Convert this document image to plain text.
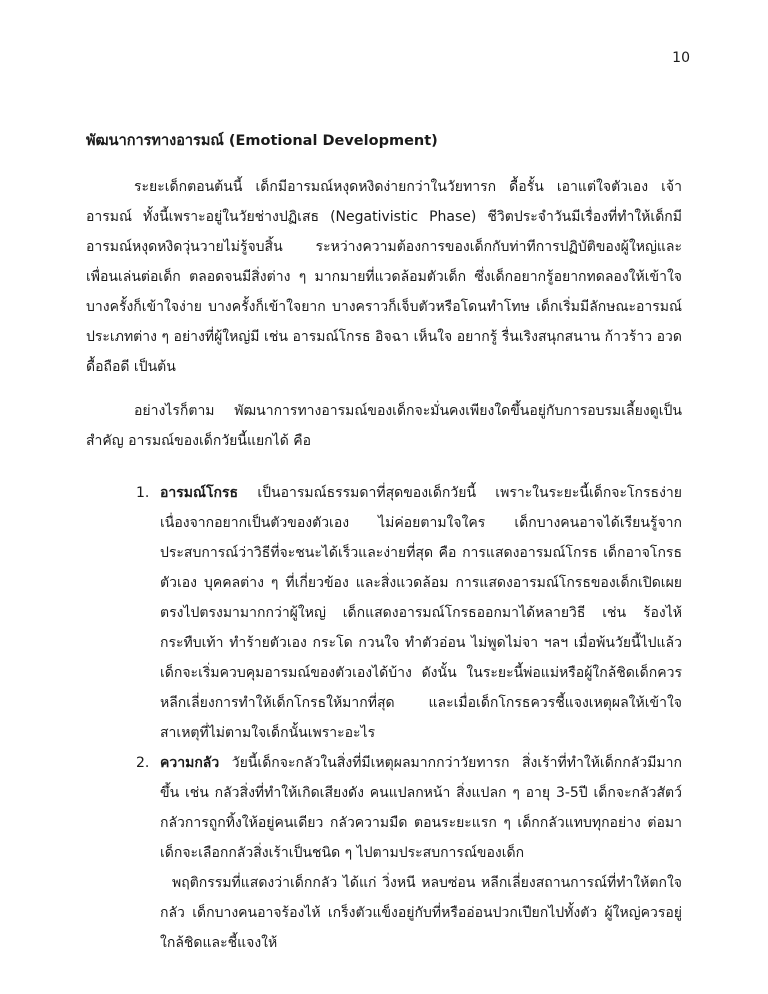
10
พัฒนาการทางอารมณ์ (Emotional Development)

ระยะเด็กตอนต้นนี้ เด็กมีอารมณ์หงุดหงิดง่ายกว่าในวัยทารก ดื้อรั้น เอาแต่ใจตัวเอง เจ้าอารมณ์ ทั้งนี้เพราะอยู่ในวัยช่างปฏิเสธ (Negativistic Phase) ชีวิตประจำวันมีเรื่องที่ทำให้เด็กมีอารมณ์หงุดหงิดวุ่นวายไม่รู้จบสิ้น ระหว่างความต้องการของเด็กกับท่าทีการปฏิบัติของผู้ใหญ่และเพื่อนเล่นต่อเด็ก ตลอดจนมีสิ่งต่าง ๆ มากมายที่แวดล้อมตัวเด็ก ซึ่งเด็กอยากรู้อยากทดลองให้เข้าใจ บางครั้งก็เข้าใจง่าย บางครั้งก็เข้าใจยาก บางคราวก็เจ็บตัวหรือโดนทำโทษ เด็กเริ่มมีลักษณะอารมณ์ประเภทต่าง ๆ อย่างที่ผู้ใหญ่มี เช่น อารมณ์โกรธ อิจฉา เห็นใจ อยากรู้ รื่นเริงสนุกสนาน ก้าวร้าว อวดดื้อถือดี เป็นต้น

อย่างไรก็ตาม พัฒนาการทางอารมณ์ของเด็กจะมั่นคงเพียงใดขึ้นอยู่กับการอบรมเลี้ยงดูเป็นสำคัญ อารมณ์ของเด็กวัยนี้แยกได้ คือ

1. อารมณ์โกรธ เป็นอารมณ์ธรรมดาที่สุดของเด็กวัยนี้ เพราะในระยะนี้เด็กจะโกรธง่าย เนื่องจากอยากเป็นตัวของตัวเอง ไม่ค่อยตามใจใคร เด็กบางคนอาจได้เรียนรู้จากประสบการณ์ว่าวิธีที่จะชนะได้เร็วและง่ายที่สุด คือ การแสดงอารมณ์โกรธ เด็กอาจโกรธตัวเอง บุคคลต่าง ๆ ที่เกี่ยวข้อง และสิ่งแวดล้อม การแสดงอารมณ์โกรธของเด็กเปิดเผย ตรงไปตรงมามากกว่าผู้ใหญ่ เด็กแสดงอารมณ์โกรธออกมาได้หลายวิธี เช่น ร้องไห้ กระทืบเท้า ทำร้ายตัวเอง กระโด กวนใจ ทำตัวอ่อน ไม่พูดไม่จา ฯลฯ เมื่อพ้นวัยนี้ไปแล้ว เด็กจะเริ่มควบคุมอารมณ์ของตัวเองได้บ้าง ดังนั้น ในระยะนี้พ่อแม่หรือผู้ใกล้ชิดเด็กควรหลีกเลี่ยงการทำให้เด็กโกรธให้มากที่สุด และเมื่อเด็กโกรธควรชี้แจงเหตุผลให้เข้าใจสาเหตุที่ไม่ตามใจเด็กนั้นเพราะอะไร
2. ความกลัว วัยนี้เด็กจะกลัวในสิ่งที่มีเหตุผลมากกว่าวัยทารก สิ่งเร้าที่ทำให้เด็กกลัวมีมากขึ้น เช่น กลัวสิ่งที่ทำให้เกิดเสียงดัง คนแปลกหน้า สิ่งแปลก ๆ อายุ 3-5ปี เด็กจะกลัวสัตว์ กลัวการถูกทิ้งให้อยู่คนเดียว กลัวความมืด ตอนระยะแรก ๆ เด็กกลัวแทบทุกอย่าง ต่อมาเด็กจะเลือกกลัวสิ่งเร้าเป็นชนิด ๆ ไปตามประสบการณ์ของเด็ก

พฤติกรรมที่แสดงว่าเด็กกลัว ได้แก่ วิ่งหนี หลบซ่อน หลีกเลี่ยงสถานการณ์ที่ทำให้ตกใจกลัว เด็กบางคนอาจร้องไห้ เกร็งตัวแข็งอยู่กับที่หรืออ่อนปวกเปียกไปทั้งตัว ผู้ใหญ่ควรอยู่ใกล้ชิดและชี้แจงให้
